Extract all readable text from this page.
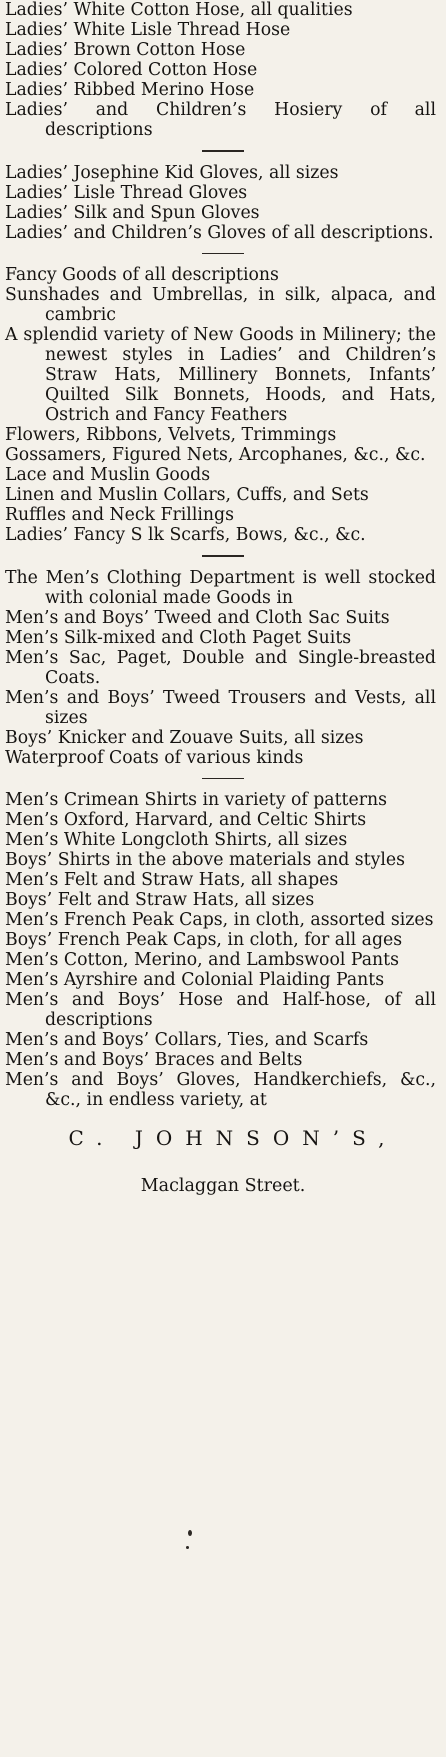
Ladies’ White Cotton Hose, all qualities
Ladies’ White Lisle Thread Hose
Ladies’ Brown Cotton Hose
Ladies’ Colored Cotton Hose
Ladies’ Ribbed Merino Hose
Ladies’ and Children’s Hosiery of all descriptions
Ladies’ Josephine Kid Gloves, all sizes
Ladies’ Lisle Thread Gloves
Ladies’ Silk and Spun Gloves
Ladies’ and Children’s Gloves of all descriptions.
Fancy Goods of all descriptions
Sunshades and Umbrellas, in silk, alpaca, and cambric
A splendid variety of New Goods in Milinery; the newest styles in Ladies’ and Children’s Straw Hats, Millinery Bonnets, Infants’ Quilted Silk Bonnets, Hoods, and Hats, Ostrich and Fancy Feathers
Flowers, Ribbons, Velvets, Trimmings
Gossamers, Figured Nets, Arcophanes, &c., &c.
Lace and Muslin Goods
Linen and Muslin Collars, Cuffs, and Sets
Ruffles and Neck Frillings
Ladies’ Fancy S lk Scarfs, Bows, &c., &c.
The Men’s Clothing Department is well stocked with colonial made Goods in
Men’s and Boys’ Tweed and Cloth Sac Suits
Men’s Silk-mixed and Cloth Paget Suits
Men’s Sac, Paget, Double and Single-breasted Coats.
Men’s and Boys’ Tweed Trousers and Vests, all sizes
Boys’ Knicker and Zouave Suits, all sizes
Waterproof Coats of various kinds
Men’s Crimean Shirts in variety of patterns
Men’s Oxford, Harvard, and Celtic Shirts
Men’s White Longcloth Shirts, all sizes
Boys’ Shirts in the above materials and styles
Men’s Felt and Straw Hats, all shapes
Boys’ Felt and Straw Hats, all sizes
Men’s French Peak Caps, in cloth, assorted sizes
Boys’ French Peak Caps, in cloth, for all ages
Men’s Cotton, Merino, and Lambswool Pants
Men’s Ayrshire and Colonial Plaiding Pants
Men’s and Boys’ Hose and Half-hose, of all descriptions
Men’s and Boys’ Collars, Ties, and Scarfs
Men’s and Boys’ Braces and Belts
Men’s and Boys’ Gloves, Handkerchiefs, &c., &c., in endless variety, at
C. JOHNSON’S,
Maclaggan Street.
